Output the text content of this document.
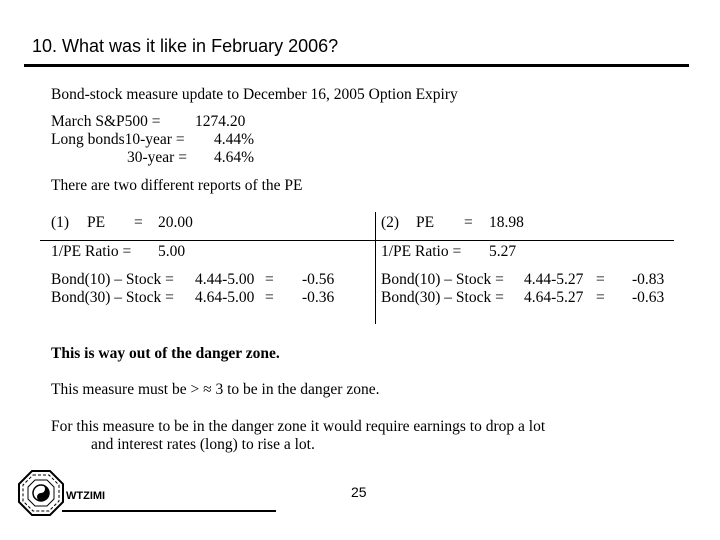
10. What was it like in February 2006?
Bond-stock measure update to December 16, 2005 Option Expiry
March S&P500 = 1274.20
Long bonds10-year = 4.44%
30-year = 4.64%
There are two different reports of the PE
(1) PE = 20.00
1/PE Ratio = 5.00
Bond(10) – Stock = 4.44-5.00 = -0.56
Bond(30) – Stock = 4.64-5.00 = -0.36
(2) PE = 18.98
1/PE Ratio = 5.27
Bond(10) – Stock = 4.44-5.27 = -0.83
Bond(30) – Stock = 4.64-5.27 = -0.63
This is way out of the danger zone.
This measure must be > ≈ 3 to be in the danger zone.
For this measure to be in the danger zone it would require earnings to drop a lot
and interest rates (long) to rise a lot.
WTZIMI	25
